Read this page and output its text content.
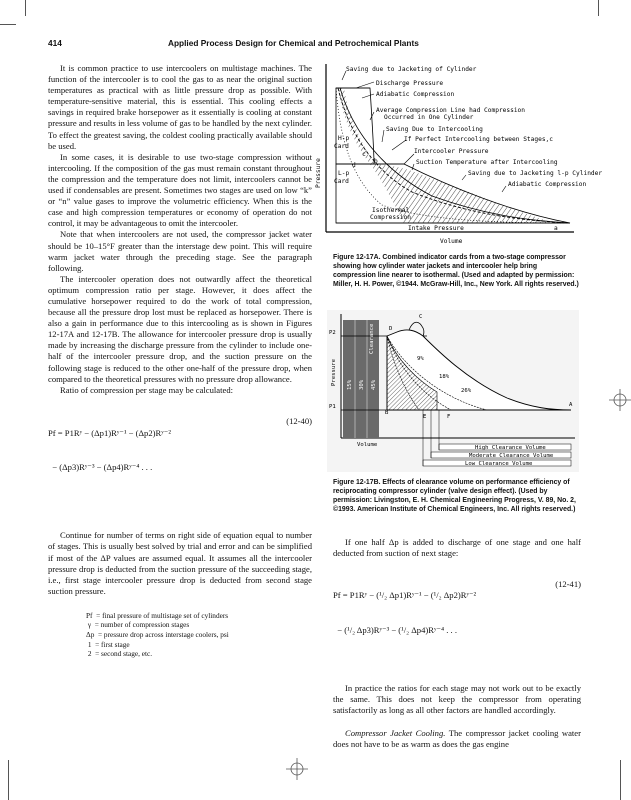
414	Applied Process Design for Chemical and Petrochemical Plants

It is common practice to use intercoolers on multistage machines. The function of the intercooler is to cool the gas to as near the original suction temperatures as practical with as little pressure drop as possible. With temperature-sensitive material, this is essential. This cooling effects a savings in required brake horsepower as it essentially is cooling at constant pressure and results in less volume of gas to be handled by the next cylinder. To effect the greatest saving, the coldest cooling practically available should be used.

In some cases, it is desirable to use two-stage compression without intercooling. If the composition of the gas must remain constant throughout the compression and the temperature does not limit, intercoolers cannot be used if condensables are present. Sometimes two stages are used on low “k” or “n” value gases to improve the volumetric efficiency. When this is the case and high compression temperatures or economy of operation do not control, it may be advantageous to omit the intercooler.

Note that when intercoolers are not used, the compressor jacket water should be 10–15°F greater than the interstage dew point. This will require warm jacket water through the preceding stage. See the paragraph following.

The intercooler operation does not outwardly affect the theoretical optimum compression ratio per stage. However, it does affect the cumulative horsepower required to do the work of total compression, because all the pressure drop lost must be replaced as horsepower. There is also a gain in performance due to this intercooling as is shown in Figures 12-17A and 12-17B. The allowance for intercooler pressure drop is usually made by increasing the discharge pressure from the cylinder to include one-half of the intercooler pressure drop, and the suction pressure on the following stage is reduced to the other one-half of the pressure drop, when compared to the theoretical pressures with no pressure drop allowance.

Ratio of compression per stage may be calculated:

Pf = P1Rʸ − (Δp1)Rʸ⁻¹ − (Δp2)Rʸ⁻²

− (Δp3)Rʸ⁻³ − (Δp4)Rʸ⁻⁴ . . .

(12-40)

Continue for number of terms on right side of equation equal to number of stages. This is usually best solved by trial and error and can be simplified if most of the ΔP values are assumed equal. It assumes all the intercooler pressure drop is deducted from the suction pressure of the succeeding stage, i.e., first stage intercooler pressure drop is deducted from second stage suction pressure.

Pf  = final pressure of multistage set of cylinders
γ  = number of compression stages
Δp  = pressure drop across interstage coolers, psi
1  = first stage
2  = second stage, etc.
Saving due to Jacketing of Cylinder
Discharge Pressure
Adiabatic Compression
Average Compression Line had Compression
Occurred in One Cylinder
Saving Due to Intercooling
If Perfect Intercooling between Stages,c
Intercooler Pressure
Suction Temperature after Intercooling
Saving due to Jacketing l-p Cylinder
Adiabatic Compression
H-p
Card
L-p
Card
Isothermal
Compression
Intake Pressure	a
b
c
d
Volume
Pressure
Figure 12-17A. Combined indicator cards from a two-stage compressor showing how cylinder water jackets and intercooler help bring compression line nearer to isothermal. (Used and adapted by permission: Miller, H. H. Power, ©1944. McGraw-Hill, Inc., New York. All rights reserved.)
P2
P1
Pressure
Clearance
15% 30% 45%
9%
18%
26%
A
B
C
D
E	F
High Clearance Volume
Moderate Clearance Volume
Low Clearance Volume
Volume
Figure 12-17B. Effects of clearance volume on performance efficiency of reciprocating compressor cylinder (valve design effect). (Used by permission: Livingston, E. H. Chemical Engineering Progress, V. 89, No. 2, ©1993. American Institute of Chemical Engineers, Inc. All rights reserved.)

If one half Δp is added to discharge of one stage and one half deducted from suction of next stage:

Pf = P1Rʸ − (¹/₂ Δp1)Rʸ⁻¹ − (¹/₂ Δp2)Rʸ⁻²

− (¹/₂ Δp3)Rʸ⁻³ − (¹/₂ Δp4)Rʸ⁻⁴ . . .

(12-41)

In practice the ratios for each stage may not work out to be exactly the same. This does not keep the compressor from operating satisfactorily as long as all other factors are handled accordingly.

Compressor Jacket Cooling. The compressor jacket cooling water does not have to be as warm as does the gas engine
